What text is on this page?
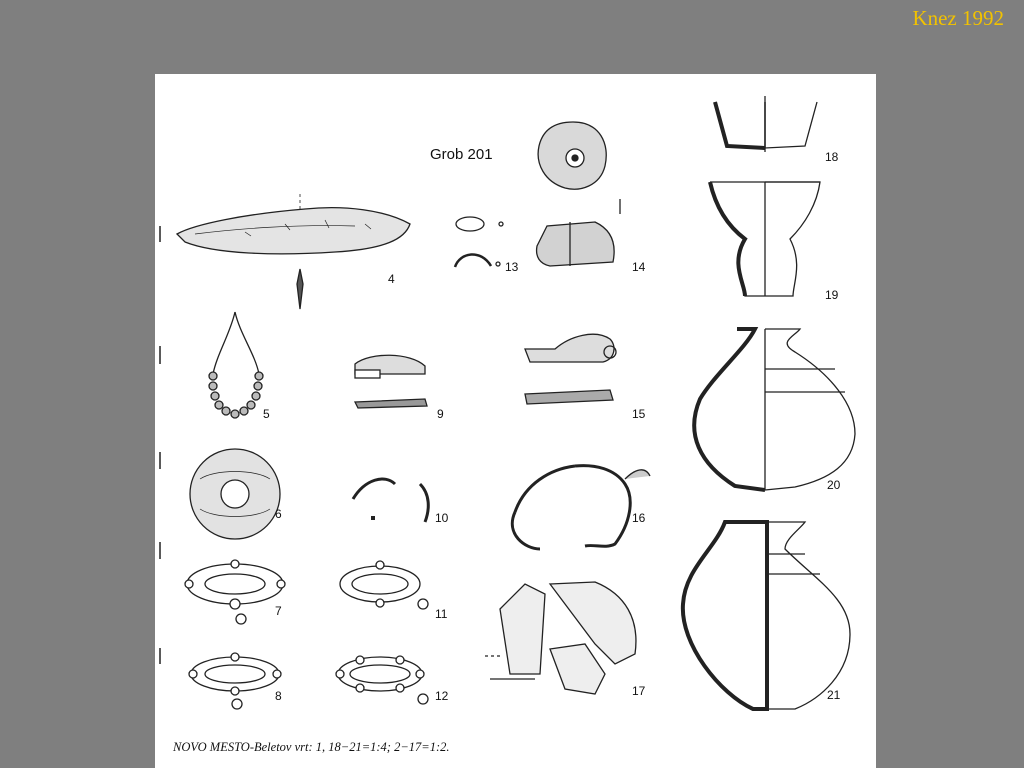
Knez 1992
Grob 201
4
5
6
7
8
9
10
11
12
13	14
15
16
17
18
19
20
21
NOVO MESTO-Beletov vrt: 1, 18−21=1:4; 2−17=1:2.
